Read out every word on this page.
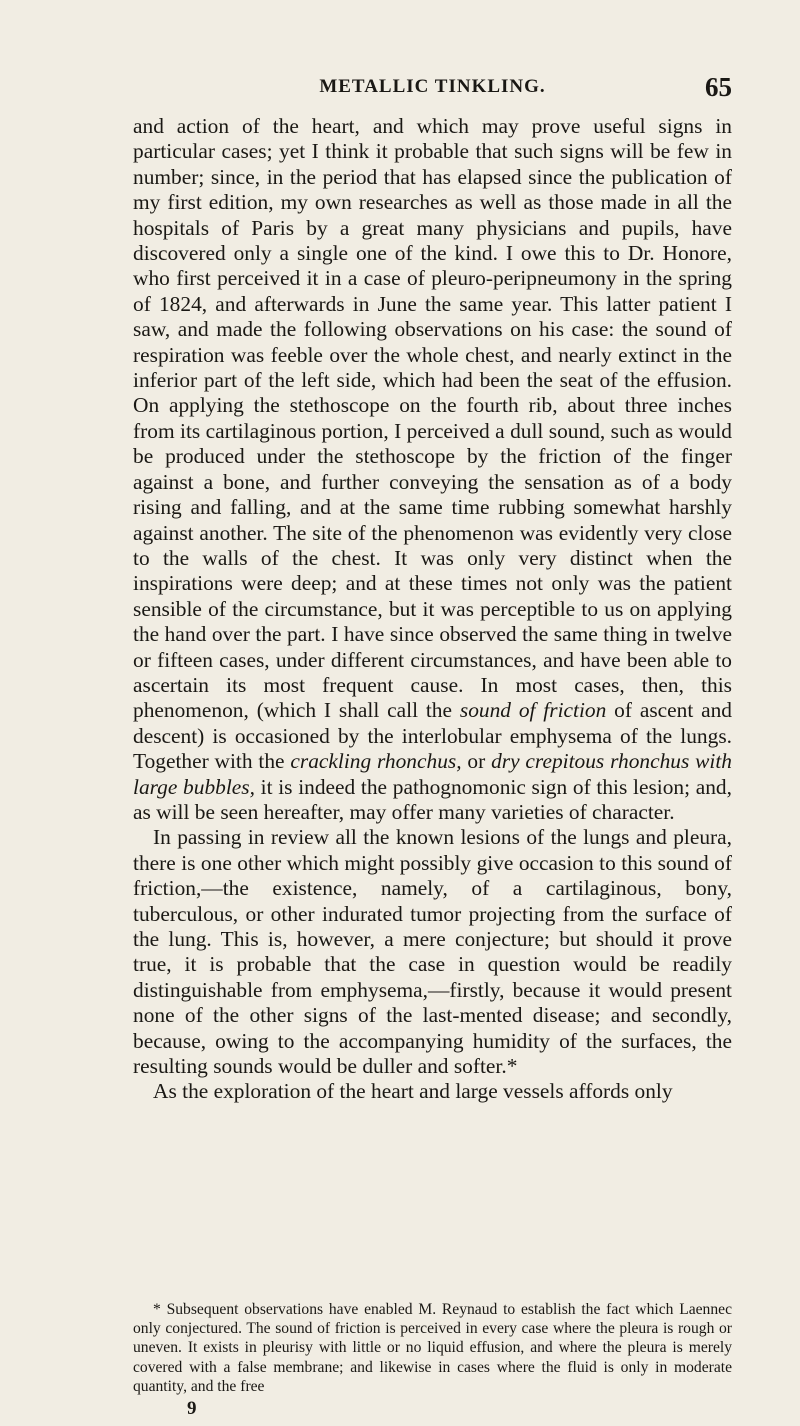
METALLIC TINKLING.	65

and action of the heart, and which may prove useful signs in particular cases; yet I think it probable that such signs will be few in number; since, in the period that has elapsed since the publication of my first edition, my own researches as well as those made in all the hospitals of Paris by a great many physicians and pupils, have discovered only a single one of the kind. I owe this to Dr. Honore, who first perceived it in a case of pleuro-peripneumony in the spring of 1824, and afterwards in June the same year. This latter patient I saw, and made the following observations on his case: the sound of respiration was feeble over the whole chest, and nearly extinct in the inferior part of the left side, which had been the seat of the effusion. On applying the stethoscope on the fourth rib, about three inches from its cartilaginous portion, I perceived a dull sound, such as would be produced under the stethoscope by the friction of the finger against a bone, and further conveying the sensation as of a body rising and falling, and at the same time rubbing somewhat harshly against another. The site of the phenomenon was evidently very close to the walls of the chest. It was only very distinct when the inspirations were deep; and at these times not only was the patient sensible of the circumstance, but it was perceptible to us on applying the hand over the part. I have since observed the same thing in twelve or fifteen cases, under different circumstances, and have been able to ascertain its most frequent cause. In most cases, then, this phenomenon, (which I shall call the sound of friction of ascent and descent) is occasioned by the interlobular emphysema of the lungs. Together with the crackling rhonchus, or dry crepitous rhonchus with large bubbles, it is indeed the pathognomonic sign of this lesion; and, as will be seen hereafter, may offer many varieties of character.

In passing in review all the known lesions of the lungs and pleura, there is one other which might possibly give occasion to this sound of friction,—the existence, namely, of a cartilaginous, bony, tuberculous, or other indurated tumor projecting from the surface of the lung. This is, however, a mere conjecture; but should it prove true, it is probable that the case in question would be readily distinguishable from emphysema,—firstly, because it would present none of the other signs of the last-mented disease; and secondly, because, owing to the accompanying humidity of the surfaces, the resulting sounds would be duller and softer.*

As the exploration of the heart and large vessels affords only

* Subsequent observations have enabled M. Reynaud to establish the fact which Laennec only conjectured. The sound of friction is perceived in every case where the pleura is rough or uneven. It exists in pleurisy with little or no liquid effusion, and where the pleura is merely covered with a false membrane; and likewise in cases where the fluid is only in moderate quantity, and the free

9
